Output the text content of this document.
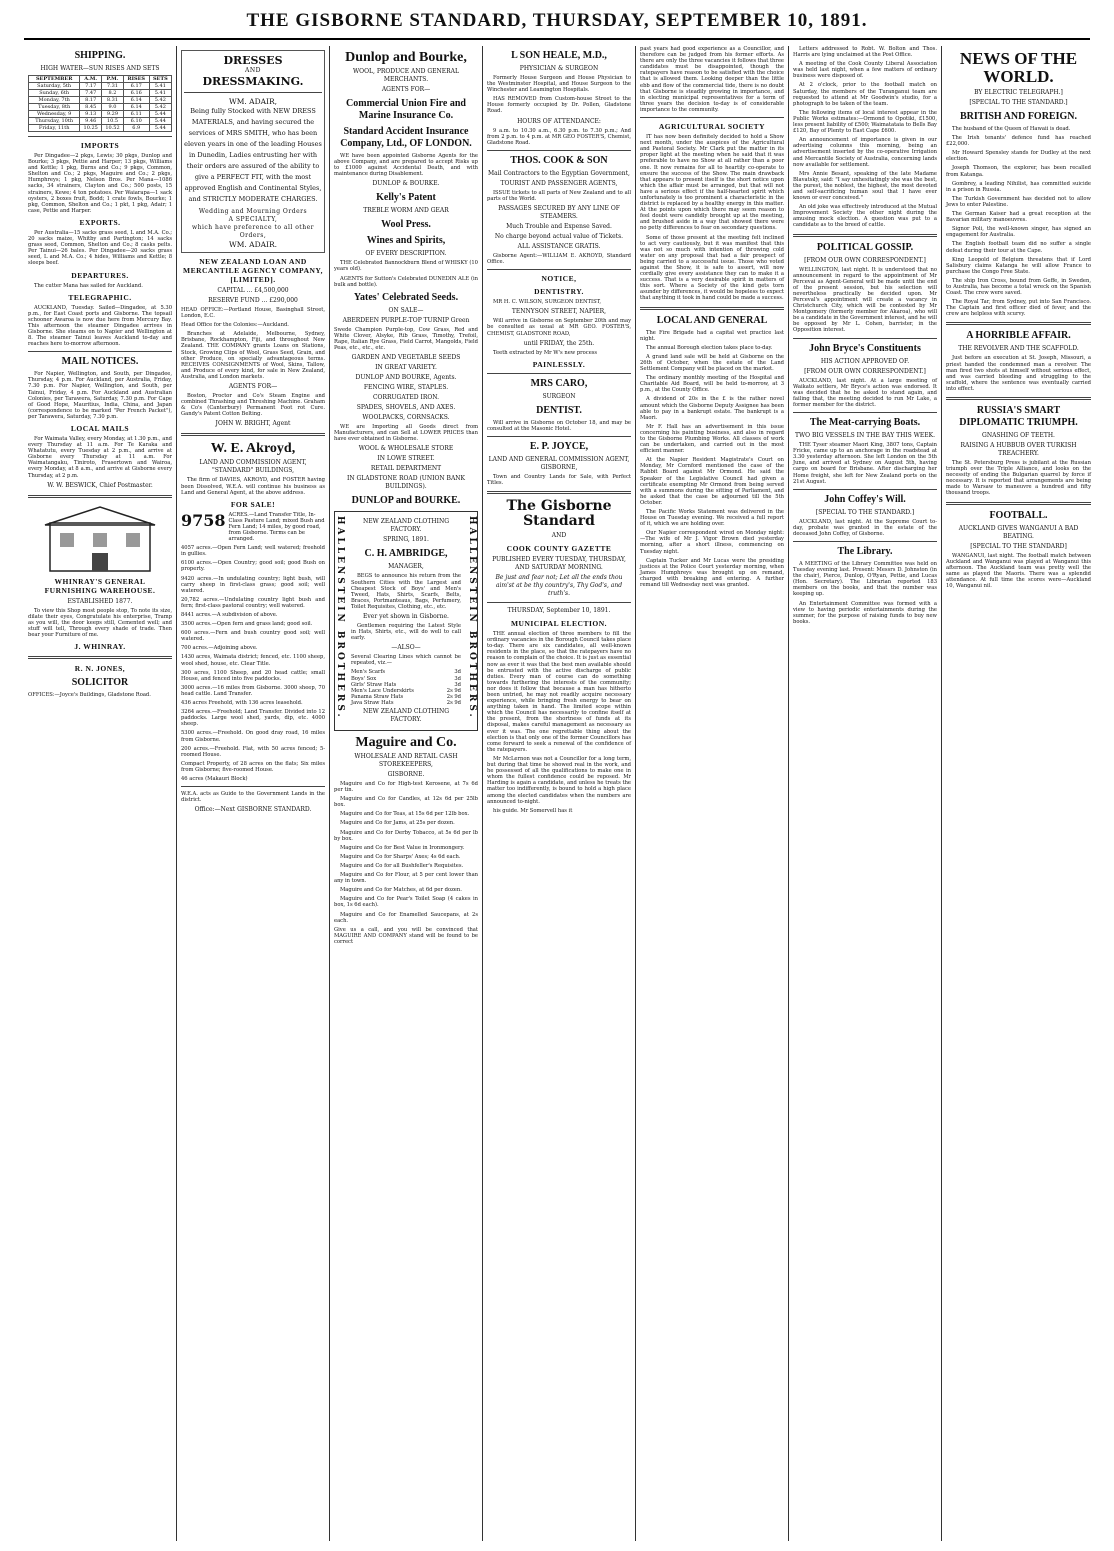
THE GISBORNE STANDARD, THURSDAY, SEPTEMBER 10, 1891.
SHIPPING.
HIGH WATER—SUN RISES AND SETS
SEPTEMBER	A.M.	P.M.	RISES	SETS
Saturday, 5th	7.17	7.31	6.17	5.41
Sunday, 6th	7.47	8.2	6.16	5.41
Monday, 7th	8.17	8.31	6.14	5.42
Tuesday, 8th	8.45	9.0	6.14	5.42
Wednesday, 9	9.13	9.29	6.11	5.44
Thursday, 10th	9.46	10.5	6.10	5.44
Friday, 11th	10.25	10.52	6.9	5.44
IMPORTS

Per Dingadee—2 pkgs, Lewis; 30 pkgs, Dunlop and Bourke; 3 pkgs, Pettie and Harper; 13 pkgs, Williams and Kettle; 1 pkg, Burns and Co.; 9 pkgs, Common, Shelton and Co.; 2 pkgs, Maguire and Co.; 2 pkgs, Humphreys; 1 pkg, Nelson Bros. Per Mana—1086 sacks, 34 strainers, Clayton and Co.; 500 posts, 15 strainers, Kewe; 4 ton potatoes. Per Waiarapa—1 sack oysters, 2 boxes fruit, Bodd; 1 crate fowls, Bourke; 1 pkg, Common, Shelton and Co.; 1 pkt, 1 pkg, Adair; 1 case, Pettie and Harper.

EXPORTS.

Per Australia—15 sacks grass seed, L and M.A. Co.; 20 sacks maize, Whitby and Partington; 14 sacks grass seed, Common, Shelton and Co.; 8 casks pelts. Per Tainui—26 bales. Per Dingadee—20 sacks grass seed, L and M.A. Co.; 4 hides, Williams and Kettle; 8 sleeps beef.

DEPARTURES.

The cutter Mana has sailed for Auckland.

TELEGRAPHIC.

AUCKLAND, Tuesday. Sailed—Dingadee, at 5.30 p.m., for East Coast ports and Gisborne. The topsail schooner Awaroa is now due here from Mercury Bay. This afternoon the steamer Dingadee arrives in Gisborne. She steams on to Napier and Wellington at 8. The steamer Tainui leaves Auckland to-day and reaches here to-morrow afternoon.

MAIL NOTICES.

For Napier, Wellington, and South, per Dingadee, Thursday, 4 p.m. For Auckland, per Australia, Friday, 7.30 p.m. For Napier, Wellington, and South, per Tainui, Friday, 4 p.m. For Auckland and Australian Colonies, per Tarawera, Saturday, 7.30 p.m. For Cape of Good Hope, Mauritius, India, China, and Japan (correspondence to be marked "Per French Packet"), per Tarawera, Saturday, 7.30 p.m.

LOCAL MAILS

For Waimata Valley, every Monday, at 1.30 p.m., and every Thursday at 11 a.m. For Te Karaka and Whatatutu, every Tuesday at 2 p.m., and arrive at Gisborne every Thursday at 11 a.m. For Waimatangaku, Tiniroto, Frasertown and Wairoa, every Monday, at 8 a.m., and arrive at Gisborne every Thursday, at 2 p.m.

W. W. BESWICK, Chief Postmaster.
WHINRAY'S GENERAL FURNISHING WAREHOUSE.
ESTABLISHED 1877.

To view this Shop most people stop, To note its size, dilate their eyes, Congratulate his enterprise, Tramp as you will, the door keeps still, Cemented well; and stuff will tell, Through every shade of trade. Then bear your Furniture of me.

J. WHINRAY.
R. N. JONES,
SOLICITOR

OFFICES:—Joyce's Buildings, Gladstone Road.

DRESSES
AND
DRESSMAKING.
WM. ADAIR,

Being fully Stocked with NEW DRESS MATERIALS, and having secured the services of MRS SMITH, who has been eleven years in one of the leading Houses in Dunedin, Ladies entrusting her with their orders are assured of the ability to give a PERFECT FIT, with the most approved English and Continental Styles, and STRICTLY MODERATE CHARGES.

Wedding and Mourning Orders
A SPECIALTY,
which have preference to all other Orders,
WM. ADAIR.
NEW ZEALAND LOAN AND MERCANTILE AGENCY COMPANY, [LIMITED].
CAPITAL ... £4,500,000
RESERVE FUND ... £290,000

HEAD OFFICE:—Portland House, Basinghall Street, London, E.C.

Head Office for the Colonies:—Auckland.

Branches at Adelaide, Melbourne, Sydney, Brisbane, Rockhampton, Fiji, and throughout New Zealand. THE COMPANY grants Loans on Stations, Stock, Growing Clips of Wool, Grass Seed, Grain, and other Produce, on specially advantageous terms. RECEIVES CONSIGNMENTS of Wool, Skins, Tallow, and Produce of every kind, for sale in New Zealand, Australia, and London markets.

AGENTS FOR—

Boston, Proctor and Co's Steam Engine and combined Thrashing and Threshing Machine. Graham & Co's (Canterbury) Permanent Foot rot Cure. Gandy's Patent Cotton Belting.

JOHN W. BRIGHT, Agent
W. E. Akroyd,
LAND AND COMMISSION AGENT, "STANDARD" BUILDINGS,

The firm of DAVIES, AKROYD, and FOSTER having been Dissolved, W.E.A. will continue his business as Land and General Agent, at the above address.

FOR SALE!
9758 ACRES.—Land Transfer Title, In-Class Pasture Land; mixed Bush and Fern Land; 14 miles, by good road, from Gisborne. Terms can be arranged.

4057 acres.—Open Fern Land; well watered; freehold in gullies.

6100 acres.—Open Country; good soil; good Bush on property.

9420 acres.—In undulating country; light bush, will carry sheep in first-class grass; good soil; well watered.

20,782 acres.—Undulating country light bush and fern; first-class pastoral country; well watered.

8441 acres.—A subdivision of above.

3500 acres.—Open fern and grass land; good soil.

600 acres.—Fern and bush country good soil; well watered.

700 acres.—Adjoining above.

1430 acres, Waimata district; fenced, etc. 1100 sheep, wool shed, house, etc. Clear Title.

300 acres, 1100 Sheep, and 20 head cattle; small House, and fenced into five paddocks.

3000 acres.—16 miles from Gisborne. 3000 sheep, 70 head cattle. Land Transfer.

436 acres Freehold, with 136 acres leasehold.

3264 acres.—Freehold; Land Transfer. Divided into 12 paddocks. Large wool shed, yards, dip, etc. 4000 sheep.

5300 acres.—Freehold. On good dray road, 16 miles from Gisborne.

200 acres.—Freehold. Flat, with 50 acres fenced; 5-roomed House.

Compact Property, of 28 acres on the flats; Six miles from Gisborne; five-roomed House.

46 acres (Makauri Block)

W.E.A. acts as Guide to the Government Lands in the district.

Office:—Next GISBORNE STANDARD.
Dunlop and Bourke,
WOOL, PRODUCE AND GENERAL MERCHANTS.
AGENTS FOR—
Commercial Union Fire and Marine Insurance Co.
Standard Accident Insurance Company, Ltd., OF LONDON.

WE have been appointed Gisborne Agents for the above Company, and are prepared to accept Risks up to £1000 against Accidental Death, and with maintenance during Disablement.

DUNLOP & BOURKE.
Kelly's Patent
TREBLE WORM AND GEAR
Wool Press.
Wines and Spirits,
OF EVERY DESCRIPTION.

THE Celebrated Bannockburn Blend of WHISKY (10 years old).

AGENTS for Sutton's Celebrated DUNEDIN ALE (in bulk and bottle).

Yates' Celebrated Seeds.
ON SALE—
ABERDEEN PURPLE-TOP TURNIP Green

Swede Champion Purple-top, Cow Grass, Red and White Clover, Alsyke, Rib Grass, Timothy, Trefoil, Rape, Italian Rye Grass, Field Carrot, Mangolds, Field Peas, etc., etc., etc.

GARDEN AND VEGETABLE SEEDS
IN GREAT VARIETY.
DUNLOP AND BOURKE, Agents.
FENCING WIRE, STAPLES.
CORRUGATED IRON.
SPADES, SHOVELS, AND AXES.
WOOLPACKS, CORNSACKS.

WE are Importing all Goods direct from Manufacturers, and can Sell at LOWER PRICES than have ever obtained in Gisborne.

WOOL & WHOLESALE STORE
IN LOWE STREET.
RETAIL DEPARTMENT
IN GLADSTONE ROAD (UNION BANK BUILDINGS).
DUNLOP and BOURKE.
HALLENSTEIN BROTHERS.	HALLENSTEIN BROTHERS.
NEW ZEALAND CLOTHING FACTORY.
SPRING, 1891.
C. H. AMBRIDGE,
MANAGER,

BEGS to announce his return from the Southern Cities with the Largest and Cheapest Stock of Boys' and Men's Tweed, Hats, Shirts, Scarfs, Belts, Braces, Portmanteaus, Bags, Perfumery, Toilet Requisites, Clothing, etc., etc.

Ever yet shown in Gisborne.

Gentlemen requiring the Latest Style in Hats, Shirts, etc., will do well to call early.

—ALSO—

Several Clearing Lines which cannot be repeated, viz.—

Men's Scarfs	3d
Boys' Sox	3d
Girls' Straw Hats	3d
Men's Lace Underskirts	2s 9d
Panama Straw Hats	2s 9d
Java Straw Hats	2s 9d
NEW ZEALAND CLOTHING FACTORY.
Maguire and Co.
WHOLESALE AND RETAIL CASH STOREKEEPERS,
GISBORNE.

Maguire and Co for High-test Kerosene, at 7s 6d per tin.

Maguire and Co for Candles, at 12s 6d per 25lb box.

Maguire and Co for Teas, at 15s 6d per 12lb box.

Maguire and Co for Jams, at 25s per dozen.

Maguire and Co for Derby Tobacco, at 5s 6d per lb by box.

Maguire and Co for Best Value in Ironmongery.

Maguire and Co for Sharps' Axes; 4s 6d each.

Maguire and Co for all Bushfeller's Requisites.

Maguire and Co for Flour, at 5 per cent lower than any in town.

Maguire and Co for Matches, at 6d per dozen.

Maguire and Co for Pear's Toilet Soap (4 cakes in box, 1s 6d each).

Maguire and Co for Enamelled Saucepans, at 2s each.

Give us a call, and you will be convinced that MAGUIRE AND COMPANY stand will be found to be correct

L SON HEALE, M.D.,
PHYSICIAN & SURGEON

Formerly House Surgeon and House Physician to the Westminster Hospital, and House Surgeon to the Winchester and Leamington Hospitals.

HAS REMOVED from Custom-house Street to the House formerly occupied by Dr. Pollen, Gladstone Road.

HOURS OF ATTENDANCE:

9 a.m. to 10.30 a.m., 6.30 p.m. to 7.30 p.m.; And from 2 p.m. to 4 p.m. at MR GEO FOSTER'S, Chemist, Gladstone Road.

THOS. COOK & SON
Mail Contractors to the Egyptian Government,
TOURIST AND PASSENGER AGENTS,

ISSUE tickets to all parts of New Zealand and to all parts of the World.

PASSAGES SECURED BY ANY LINE OF STEAMERS.
Much Trouble and Expense Saved.
No charge beyond actual value of Tickets.
ALL ASSISTANCE GRATIS.

Gisborne Agent:—WILLIAM E. AKROYD, Standard Office.

NOTICE,
DENTISTRY.

MR H. C. WILSON, SURGEON DENTIST,

TENNYSON STREET, NAPIER,

Will arrive in Gisborne on September 20th and may be consulted as usual at MR GEO. FOSTER'S, CHEMIST, GLADSTONE ROAD,

until FRIDAY, the 25th.

Teeth extracted by Mr W's new process

PAINLESSLY.
MRS CARO,
SURGEON
DENTIST.

Will arrive in Gisborne on October 18, and may be consulted at the Masonic Hotel.

E. P. JOYCE,
LAND AND GENERAL COMMISSION AGENT, GISBORNE,

Town and Country Lands for Sale, with Perfect Titles.

The Gisborne Standard
AND
COOK COUNTY GAZETTE
PUBLISHED EVERY TUESDAY, THURSDAY, AND SATURDAY MORNING.
Be just and fear not; Let all the ends thou aim'st at be thy country's, Thy God's, and truth's.
THURSDAY, September 10, 1891.
MUNICIPAL ELECTION.

THE annual election of three members to fill the ordinary vacancies in the Borough Council takes place to-day. There are six candidates, all well-known residents in the place, so that the ratepayers have no reason to complain of the choice. It is just as essential now as ever it was that the best men available should be entrusted with the active discharge of public duties. Every man of course can do something towards furthering the interests of the community; nor does it follow that because a man has hitherto been untried, he may not readily acquire necessary experience, while bringing fresh energy to bear on anything taken in hand. The limited scope within which the Council has necessarily to confine itself at the present, from the shortness of funds at its disposal, makes careful management as necessary as ever it was. The one regrettable thing about the election is that only one of the former Councillors has come forward to seek a renewal of the confidence of the ratepayers.

Mr McLernon was not a Councillor for a long term, but during that time he showed real in the work, and he possessed of all the qualifications to make one in whom the fullest confidence could be reposed. Mr Harding is again a candidate, and unless he treats the matter too indifferently, is bound to hold a high place among the elected candidates when the numbers are announced to-night.

his guide. Mr Somervell has it

past years had good experience as a Councillor, and therefore can be judged from his former efforts. As there are only the three vacancies it follows that three candidates must be disappointed, though the ratepayers have reason to be satisfied with the choice that is allowed them. Looking deeper than the little ebb and flow of the commercial tide, there is no doubt that Gisborne is steadily growing in importance, and in electing municipal representatives for a term of three years the decision to-day is of considerable importance to the community.

AGRICULTURAL SOCIETY

IT has now been definitely decided to hold a Show next month, under the auspices of the Agricultural and Pastoral Society. Mr Clark put the matter in its proper light at the meeting when he said that it was preferable to have no Show at all rather than a poor one. It now remains for all to heartily co-operate to ensure the success of the Show. The main drawback that appears to present itself is the short notice upon which the affair must be arranged, but that will not have a serious effect if the half-hearted spirit which unfortunately is too prominent a characteristic in the district is replaced by a healthy energy in this matter. At the points upon which there may seem reason to feel doubt were candidly brought up at the meeting, and brushed aside in a way that showed there were no petty differences to fear on secondary questions.

Some of those present at the meeting felt inclined to act very cautiously, but it was manifest that this was not so much with intention of throwing cold water on any proposal that had a fair prospect of being carried to a successful issue. Those who voted against the Show, it is safe to assert, will now cordially give every assistance they can to make it a success. That is a very desirable spirit in matters of this sort. Where a Society of the kind gets torn asunder by differences, it would be hopeless to expect that anything it took in hand could be made a success.

LOCAL AND GENERAL

The Fire Brigade had a capital wet practice last night.

The annual Borough election takes place to-day.

A grand land sale will be held at Gisborne on the 26th of October, when the estate of the Land Settlement Company will be placed on the market.

The ordinary monthly meeting of the Hospital and Charitable Aid Board, will be held to-morrow, at 3 p.m., at the County Office.

A dividend of 20s in the £ is the rather novel amount which the Gisborne Deputy Assignee has been able to pay in a bankrupt estate. The bankrupt is a Maori.

Mr F. Hall has an advertisement in this issue concerning his painting business, and also in regard to the Gisborne Plumbing Works. All classes of work can be undertaken, and carried out in the most efficient manner.

At the Napier Resident Magistrate's Court on Monday, Mr Cornford mentioned the case of the Rabbit Board against Mr Ormond. He said the Speaker of the Legislative Council had given a certificate exempting Mr Ormond from being served with a summons during the sitting of Parliament, and he asked that the case be adjourned till the 5th October.

The Pacific Works Statement was delivered in the House on Tuesday evening. We received a full report of it, which we are holding over.

Our Napier correspondent wired on Monday night:—The wife of Mr J. Vigor Brown died yesterday morning, after a short illness, commencing on Tuesday night.

Captain Tucker and Mr Lucas were the presiding justices at the Police Court yesterday morning, when James Humphreys was brought up on remand, charged with breaking and entering. A further remand till Wednesday next was granted.

Letters addressed to Robt. W. Bolton and Thos. Harris are lying unclaimed at the Post Office.

A meeting of the Cook County Liberal Association was held last night, when a few matters of ordinary business were disposed of.

At 2 o'clock, prior to the football match on Saturday, the members of the Turanganui team are requested to attend at Mr Goodwin's studio, for a photograph to be taken of the team.

The following items of local interest appear in the Public Works estimates:—Ormond to Opotiki, £1500, less present liability of £500; Waimatataia to Bells Bay £120, Bay of Plenty to East Cape £600.

An announcement of importance is given in our advertising columns this morning, being an advertisement inserted by the co-operative Irrigation and Mercantile Society of Australia, concerning lands now available for settlement.

Mrs Annie Besant, speaking of the late Madame Blavatsky, said: "I say unhesitatingly she was the best, the purest, the noblest, the highest, the most devoted and self-sacrificing human soul that I have ever known or ever conceived."

An old joke was effectively introduced at the Mutual Improvement Society the other night during the amusing mock election. A question was put to a candidate as to the breed of cattle.

POLITICAL GOSSIP.
[FROM OUR OWN CORRESPONDENT.]

WELLINGTON, last night. It is understood that no announcement in regard to the appointment of Mr Percevai as Agent-General will be made until the end of the present session, but his selection will nevertheless practically be decided upon. Mr Perceval's appointment will create a vacancy in Christchurch City, which will be contested by Mr Montgomery (formerly member for Akaroa), who will be a candidate in the Government interest, and he will be opposed by Mr L. Cohen, barrister, in the Opposition interest.

John Bryce's Constituents
HIS ACTION APPROVED OF.
[FROM OUR OWN CORRESPONDENT.]

AUCKLAND, last night. At a large meeting of Waikato settlers, Mr Bryce's action was endorsed. It was decided that he be asked to stand again, and failing that, the meeting decided to run Mr Lake, a former member for the district.

The Meat-carrying Boats.
TWO BIG VESSELS IN THE BAY THIS WEEK.

THE Tyser steamer Maori King, 3807 tons, Captain Fricke, came up to an anchorage in the roadstead at 3.30 yesterday afternoon. She left London on the 5th June, and arrived at Sydney on August 5th, having cargo on board for Brisbane. After discharging her Home freight, she left for New Zealand ports on the 21st August.

John Coffey's Will.
[SPECIAL TO THE STANDARD.]

AUCKLAND, last night. At the Supreme Court to-day, probate was granted in the estate of the deceased John Coffey, of Gisborne.

The Library.

A MEETING of the Library Committee was held on Tuesday evening last. Present: Messrs D. Johnston (in the chair), Pierce, Dunlop, O'Ryan, Pettie, and Lucas (Hon. Secretary). The Librarian reported 183 members on the books, and that the number was keeping up.

An Entertainment Committee was formed with a view to having periodic entertainments during the summer, for the purpose of raising funds to buy new books.

NEWS OF THE WORLD.
BY ELECTRIC TELEGRAPH.]
[SPECIAL TO THE STANDARD.]
BRITISH AND FOREIGN.

The husband of the Queen of Hawaii is dead.

The Irish tenants' defence fund has reached £22,000.

Mr Howard Spensley stands for Dudley at the next election.

Joseph Thomson, the explorer, has been recalled from Katanga.

Gombrey, a leading Nihilist, has committed suicide in a prison in Russia.

The Turkish Government has decided not to allow Jews to enter Palestine.

The German Kaiser had a great reception at the Bavarian military manoeuvres.

Signor Poli, the well-known singer, has signed an engagement for Australia.

The English football team did no suffer a single defeat during their tour at the Cape.

King Leopold of Belgium threatens that if Lord Salisbury claims Katanga he will allow France to purchase the Congo Free State.

The ship Iron Cross, bound from Geffe, in Sweden, to Australia, has become a total wreck on the Spanish Coast. The crew were saved.

The Royal Tar, from Sydney, put into San Francisco. The Captain and first officer died of fever, and the crew are helpless with scurvy.

A HORRIBLE AFFAIR.
THE REVOLVER AND THE SCAFFOLD.

Just before an execution at St. Joseph, Missouri, a priest handed the condemned man a revolver. The man fired two shots at himself without serious effect, and was carried bleeding and struggling to the scaffold, where the sentence was eventually carried into effect.

RUSSIA'S SMART DIPLOMATIC TRIUMPH.
GNASHING OF TEETH.
RAISING A HUBBUB OVER TURKISH TREACHERY.

The St. Petersburg Press is jubilant at the Russian triumph over the Triple Alliance, and looks on the necessity of ending the Bulgarian quarrel by force if necessary. It is reported that arrangements are being made to Warsaw to maneuvre a hundred and fifty thousand troops.

FOOTBALL.
AUCKLAND GIVES WANGANUI A BAD BEATING.
[SPECIAL TO THE STANDARD]

WANGANUI, last night. The football match between Auckland and Wanganui was played at Wanganui this afternoon. The Auckland team was pretty well the same as played the Maoris. There was a splendid attendance. At full time the scores were—Auckland 10, Wanganui nil.
